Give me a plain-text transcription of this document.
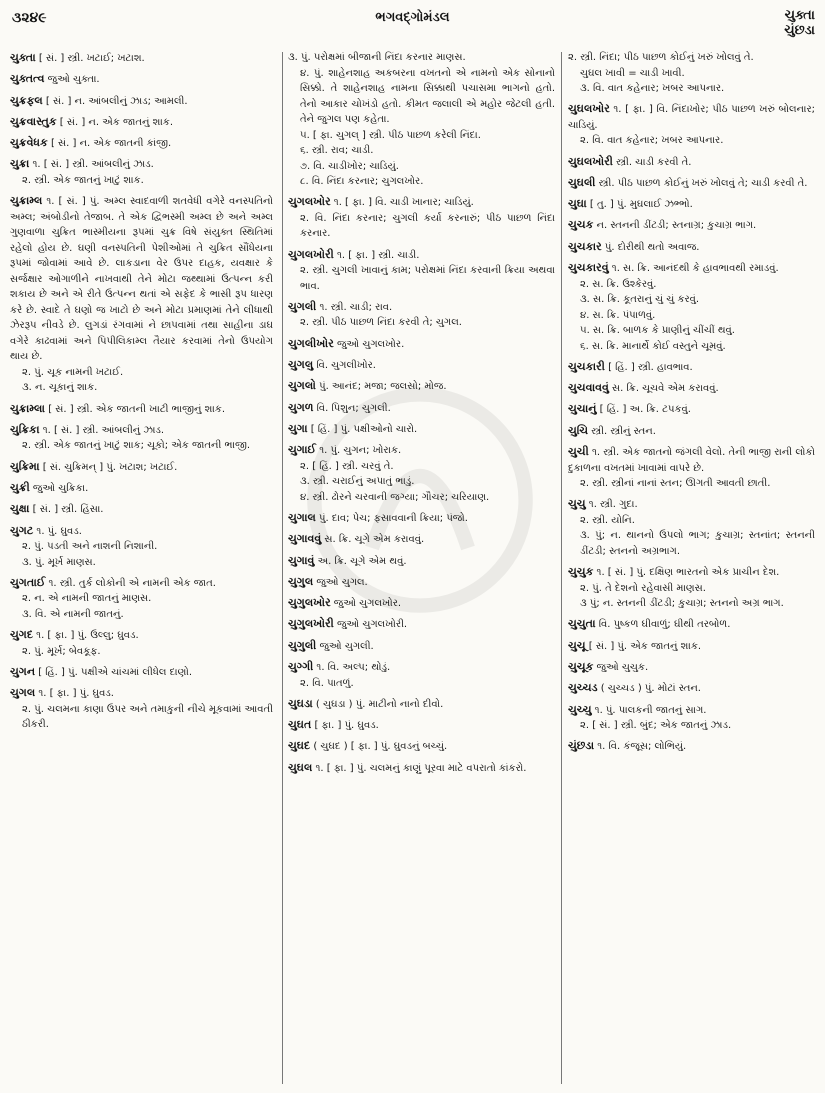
૩૨૪૯	ભગવદ્ગોમંડલ	ચુક્તા
ચુંછડા
ચુક્તા [ સં. ] સ્ત્રી. ખટાઈ; ખટાશ.
ચુક્તત્વ જુઓ ચુક્તા.
ચુક્રફલ [ સં. ] ન. આંબલીનું ઝાડ; આમલી.
ચુક્રવાસ્તુક [ સં. ] ન. એક જાતનું શાક.
ચુક્રવેધક [ સં. ] ન. એક જાતની કાંજી.
ચુક્રા ૧. [ સં. ] સ્ત્રી. આંબલીનું ઝાડ.
૨. સ્ત્રી. એક જાતનું ખાટું શાક.
ચુક્રામ્લ ૧. [ સં. ] પું. અમ્લ સ્વાદવાળી શતવેધી વગેરે વનસ્પતિનો અમ્લ; અંબોડીનો તેજાબ. તે એક દ્વિભસ્મી અમ્લ છે અને અમ્લ ગુણવાળા ચુક્રિત ભાસ્મીયના રૂપમાં ચુક્ર વિષે સંયુક્ત સ્થિતિમાં રહેલો હોય છે. ઘણી વનસ્પતિની પેશીઓમાં તે ચુક્રિત સૌંધેયના રૂપમાં જોવામાં આવે છે. લાકડાના વેર ઉપર દાહક, યવક્ષાર કે સર્જક્ષાર ઓગાળીને નાખવાથી તેને મોટા જથ્થામાં ઉત્પન્ન કરી શકાય છે અને એ રીતે ઉત્પન્ન થતાં એ સફેદ કે ભાસી રૂપ ધારણ કરે છે. સ્વાદે તે ઘણો જ ખાટો છે અને મોટા પ્રમાણમાં તેને લીધાથી ઝેરરૂપ નીવડે છે. લુગડાં રંગવામાં ને છાપવામાં તથા સાહીના ડાઘ વગેરે કાઢવામાં અને પિપીલિકામ્લ તૈયાર કરવામાં તેનો ઉપયોગ થાય છે.
૨. પું. ચૂક નામની ખટાઈ.
૩. ન. ચૂકાનું શાક.
ચુક્રામ્લા [ સં. ] સ્ત્રી. એક જાતની ખાટી ભાજીનું શાક.
ચુક્રિકા ૧. [ સં. ] સ્ત્રી. આંબલીનું ઝાડ.
૨. સ્ત્રી. એક જાતનું ખાટું શાક; ચૂકો; એક જાતની ભાજી.
ચુક્રિમા [ સં. ચુક્રિમન્ ] પું. ખટાશ; ખટાઈ.
ચુક્રી જુઓ ચુક્રિકા.
ચુક્ષા [ સં. ] સ્ત્રી. હિંસા.
ચુગટ ૧. પું. ઘુવડ.
૨. પું. પડતી અને નાશની નિશાની.
૩. પું. મૂર્ખ માણસ.
ચુગતાઈ ૧. સ્ત્રી. તુર્ક લોકોની એ નામની એક જાત.
૨. ન. એ નામની જાતનું માણસ.
૩. વિ. એ નામની જાતનું.
ચુગદ ૧. [ ફા. ] પું. ઉલ્લુ; ઘુવડ.
૨. પું. મૂર્ખ; બેવકૂફ.
ચુગન [ હિં. ] પું. પક્ષીએ ચાંચમાં લીધેલ દાણો.
ચુગલ ૧. [ ફા. ] પું. ઘુવડ.
૨. પું. ચલમના કાણા ઉપર અને તમાકુની નીચે મૂકવામાં આવતી ઠીકરી.
૩. પું. પરોક્ષમાં બીજાની નિંદા કરનાર માણસ.
૪. પું. શાહેનશાહ અકબરના વખતનો એ નામનો એક સોનાનો સિક્કો. તે શાહેનશાહ નામના સિક્કાથી પચાસમા ભાગનો હતો. તેનો આકાર ચોખંડો હતો. કીમત જલાલી એ મહોર જેટલી હતી. તેને જુગલ પણ કહેતા.
૫. [ ફા. ચુગલ્ ] સ્ત્રી. પીઠ પાછળ કરેલી નિંદા.
૬. સ્ત્રી. રાવ; ચાડી.
૭. વિ. ચાડીખોર; ચાડિયું.
૮. વિ. નિંદા કરનાર; ચુગલખોર.
ચુગલખોર ૧. [ ફા. ] વિ. ચાડી ખાનાર; ચાડિયું.
૨. વિ. નિંદા કરનાર; ચુગલી કર્યા કરનારું; પીઠ પાછળ નિંદા કરનાર.
ચુગલખોરી ૧. [ ફા. ] સ્ત્રી. ચાડી.
૨. સ્ત્રી. ચુગલી ખાવાનું કામ; પરોક્ષમાં નિંદા કરવાની ક્રિયા અથવા ભાવ.
ચુગલી ૧. સ્ત્રી. ચાડી; રાવ.
૨. સ્ત્રી. પીઠ પાછળ નિંદા કરવી તે; ચુગલ.
ચુગલીખોર જુઓ ચુગલખોર.
ચુગલુ વિ. ચુગલીખોર.
ચુગલો પું. આનંદ; મજા; જલસો; મોજ.
ચુગળ વિ. પિશુન; ચુગલી.
ચુગા [ હિં. ] પું. પક્ષીઓનો ચારો.
ચુગાઈ ૧. પું. ચુગન; ખોરાક.
૨. [ હિં. ] સ્ત્રી. ચરવું તે.
૩. સ્ત્રી. ચરાઈનું અપાતું ભાડું.
૪. સ્ત્રી. ઢોરને ચરવાની જગ્યા; ગૌચર; ચરિયાણ.
ચુગાલ પું. દાવ; પેચ; ફસાવવાની ક્રિયા; પંજો.
ચુગાવવું સ. ક્રિ. ચૂગે એમ કરાવવું.
ચુગાવું અ. ક્રિ. ચૂગે એમ થવું.
ચુગુલ જુઓ ચુગલ.
ચુગુલખોર જુઓ ચુગલખોર.
ચુગુલખોરી જુઓ ચુગલખોરી.
ચુગુલી જુઓ ચુગલી.
ચુગ્ગી ૧. વિ. અલ્પ; થોડું.
૨. વિ. પાતળું.
ચુઘડા ( ચુઘડા ) પું. માટીનો નાનો દીવો.
ચુઘત [ ફા. ] પું. ઘુવડ.
ચુઘદ ( ચુઘદ ) [ ફા. ] પું. ઘુવડનું બચ્ચું.
ચુઘલ ૧. [ ફા. ] પું. ચલમનું કાણું પૂરવા માટે વપરાતો કાંકરો.
૨. સ્ત્રી. નિંદા; પીઠ પાછળ કોઈનું ખરું ખોલવું તે.
ચુઘલ ખાવી = ચાડી ખાવી.
૩. વિ. વાત કહેનાર; ખબર આપનાર.
ચુઘલખોર ૧. [ ફા. ] વિ. નિંદાખોર; પીઠ પાછળ ખરું બોલનાર; ચાડિયું.
૨. વિ. વાત કહેનાર; ખબર આપનાર.
ચુઘલખોરી સ્ત્રી. ચાડી કરવી તે.
ચુઘલી સ્ત્રી. પીઠ પાછળ કોઈનું ખરું ખોલવું તે; ચાડી કરવી તે.
ચુઘા [ તુ. ] પું. મુઘલાઈ ઝભ્ભો.
ચુચક ન. સ્તનની ડીંટડી; સ્તનાગ્ર; કુચાગ્ર ભાગ.
ચુચકાર પું. દોરીથી થતો અવાજ.
ચુચકારવું ૧. સ. ક્રિ. આનંદથી કે હાવભાવથી રમાડવું.
૨. સ. ક્રિ. ઉશ્કેરવું.
૩. સ. ક્રિ. કૂતરાનું ચું ચું કરવું.
૪. સ. ક્રિ. પંપાળવું.
૫. સ. ક્રિ. બાળક કે પ્રાણીનું ચીંચીં થવું.
૬. સ. ક્રિ. માનાર્થે કોઈ વસ્તુને ચૂમવું.
ચુચકારી [ હિં. ] સ્ત્રી. હાવભાવ.
ચુચવાવવું સ. ક્રિ. ચૂચવે એમ કરાવવું.
ચુચાનું [ હિં. ] અ. ક્રિ. ટપકવું.
ચુચિ સ્ત્રી. સ્ત્રીનું સ્તન.
ચુચી ૧. સ્ત્રી. એક જાતનો જંગલી વેલો. તેની ભાજી રાની લોકો દુકાળના વખતમાં ખાવામાં વાપરે છે.
૨. સ્ત્રી. સ્ત્રીનાં નાનાં સ્તન; ઊગતી આવતી છાતી.
ચુચુ ૧. સ્ત્રી. ગુદા.
૨. સ્ત્રી. યોનિ.
૩. પું; ન. થાનનો ઉપલો ભાગ; કુચાગ્ર; સ્તનાંત; સ્તનની ડીંટડી; સ્તનનો અગ્રભાગ.
ચુચુક ૧. [ સં. ] પું. દક્ષિણ ભારતનો એક પ્રાચીન દેશ.
૨. પું. તે દેશનો રહેવાસી માણસ.
૩ પું; ન. સ્તનની ડીંટડી; કુચાગ્ર; સ્તનનો અગ્ર ભાગ.
ચુચુતા વિ. પુષ્કળ ઘીવાળું; ઘીથી તરબોળ.
ચુચૂ [ સં. ] પું. એક જાતનું શાક.
ચુચૂક જુઓ ચુચુક.
ચુચ્ચડ ( ચુચ્ચડ ) પું. મોટાં સ્તન.
ચુચ્ચુ ૧. પું. પાલકની જાતનું સાગ.
૨. [ સં. ] સ્ત્રી. બુંદ; એક જાતનું ઝાડ.
ચુંછડા ૧. વિ. કંજૂસ; લોભિયું.
